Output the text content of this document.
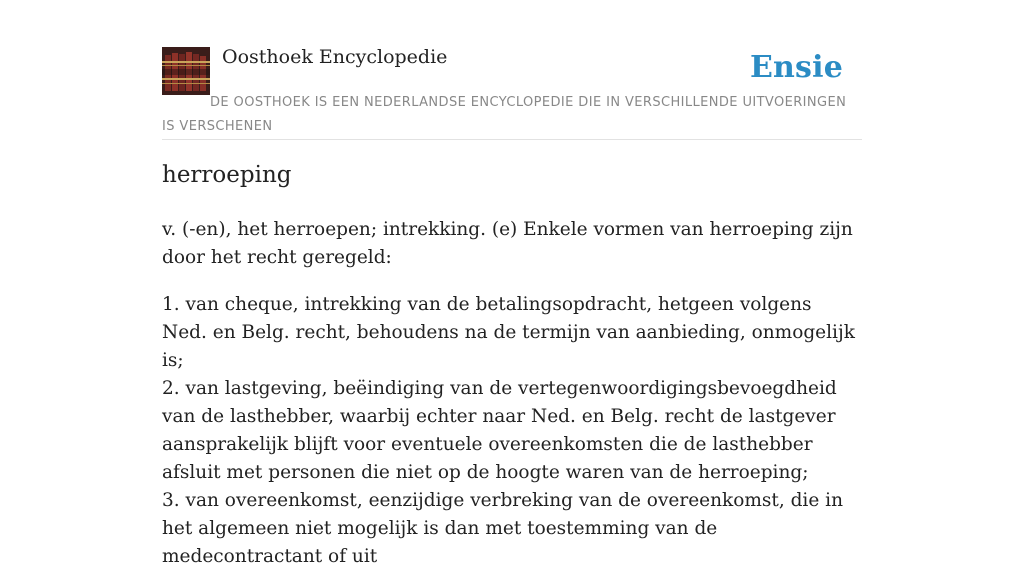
Oosthoek Encyclopedie	Ensie
DE OOSTHOEK IS EEN NEDERLANDSE ENCYCLOPEDIE DIE IN VERSCHILLENDE UITVOERINGEN IS VERSCHENEN
herroeping

v. (-en), het herroepen; intrekking. (e) Enkele vormen van herroeping zijn door het recht geregeld:

1. van cheque, intrekking van de betalingsopdracht, hetgeen volgens Ned. en Belg. recht, behoudens na de termijn van aanbieding, onmogelijk is;
2. van lastgeving, beëindiging van de vertegenwoordigingsbevoegdheid van de lasthebber, waarbij echter naar Ned. en Belg. recht de lastgever aansprakelijk blijft voor eventuele overeenkomsten die de lasthebber afsluit met personen die niet op de hoogte waren van de herroeping;
3. van overeenkomst, eenzijdige verbreking van de overeenkomst, die in het algemeen niet mogelijk is dan met toestemming van de medecontractant of uit
